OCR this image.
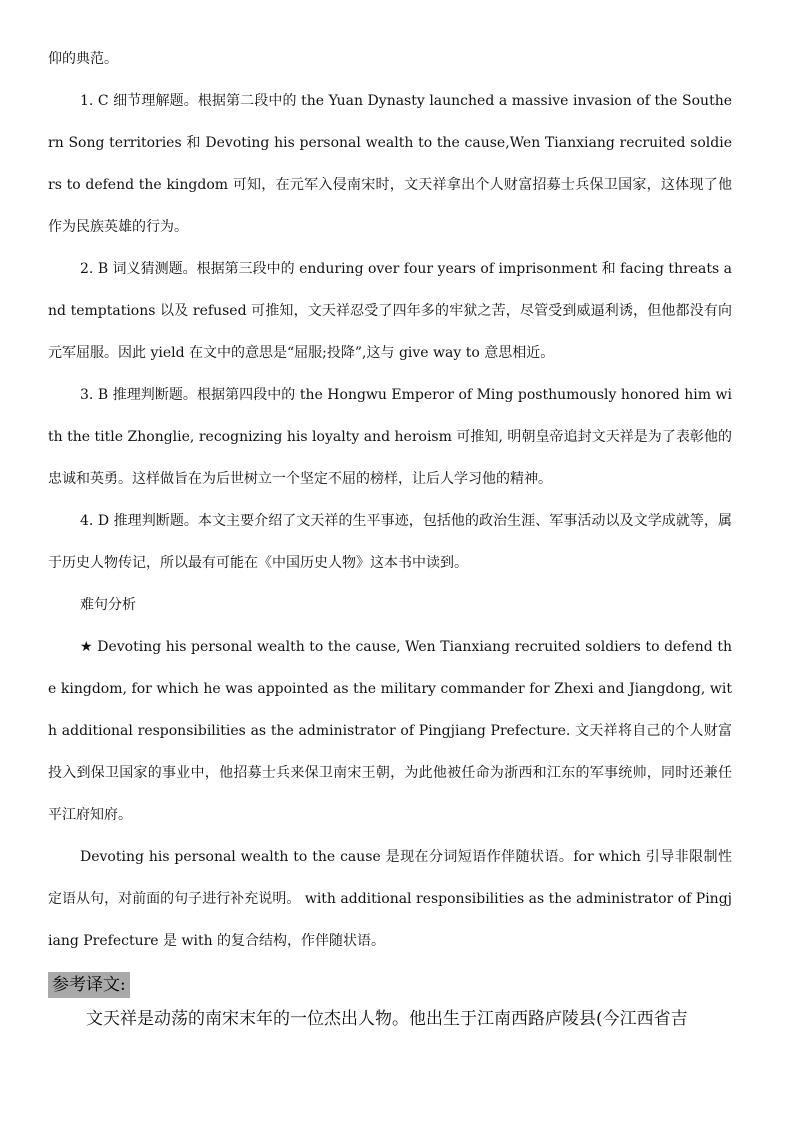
仰的典范。

1. C 细节理解题。根据第二段中的 the Yuan Dynasty launched a massive invasion of the Southern Song territories 和 Devoting his personal wealth to the cause,Wen Tianxiang recruited soldiers to defend the kingdom 可知，在元军入侵南宋时，文天祥拿出个人财富招募士兵保卫国家，这体现了他作为民族英雄的行为。

2. B 词义猜测题。根据第三段中的 enduring over four years of imprisonment 和 facing threats and temptations 以及 refused 可推知，文天祥忍受了四年多的牢狱之苦，尽管受到威逼利诱，但他都没有向元军屈服。因此 yield 在文中的意思是“屈服;投降”,这与 give way to 意思相近。

3. B 推理判断题。根据第四段中的 the Hongwu Emperor of Ming posthumously honored him with the title Zhonglie, recognizing his loyalty and heroism 可推知, 明朝皇帝追封文天祥是为了表彰他的忠诚和英勇。这样做旨在为后世树立一个坚定不屈的榜样，让后人学习他的精神。

4. D 推理判断题。本文主要介绍了文天祥的生平事迹，包括他的政治生涯、军事活动以及文学成就等，属于历史人物传记，所以最有可能在《中国历史人物》这本书中读到。

难句分析

★ Devoting his personal wealth to the cause, Wen Tianxiang recruited soldiers to defend the kingdom, for which he was appointed as the military commander for Zhexi and Jiangdong, with additional responsibilities as the administrator of Pingjiang Prefecture. 文天祥将自己的个人财富投入到保卫国家的事业中，他招募士兵来保卫南宋王朝，为此他被任命为浙西和江东的军事统帅，同时还兼任平江府知府。

Devoting his personal wealth to the cause 是现在分词短语作伴随状语。for which 引导非限制性定语从句，对前面的句子进行补充说明。 with additional responsibilities as the administrator of Pingjiang Prefecture 是 with 的复合结构，作伴随状语。

参考译文:

文天祥是动荡的南宋末年的一位杰出人物。他出生于江南西路庐陵县(今江西省吉
